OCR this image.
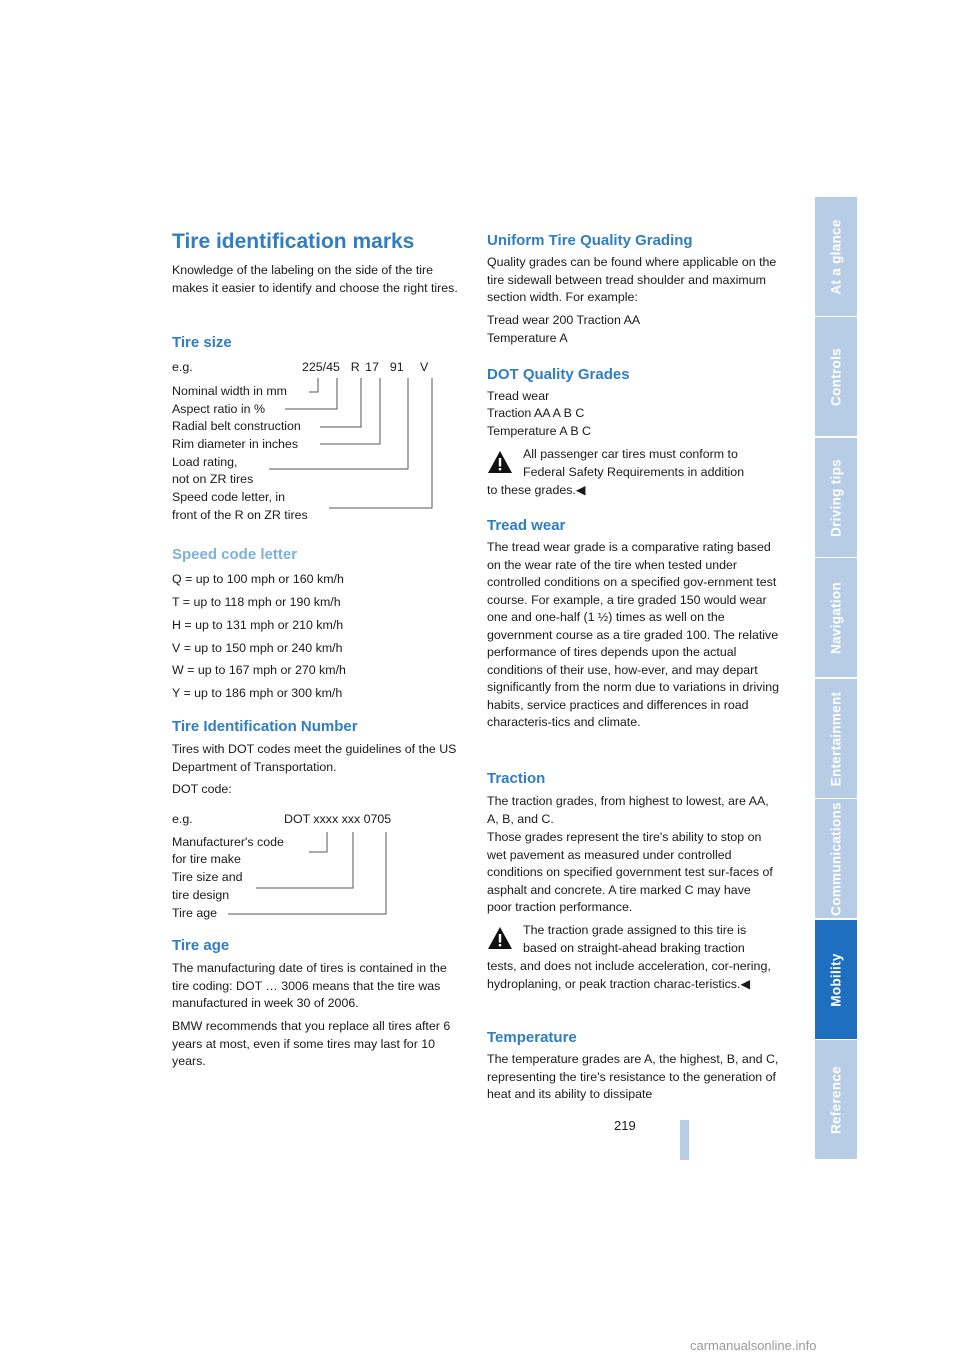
Tire identification marks

Knowledge of the labeling on the side of the tire makes it easier to identify and choose the right tires.

Tire size
e.g.	225/45  R 17  91   V
Nominal width in mm
Aspect ratio in %
Radial belt construction
Rim diameter in inches
Load rating,
not on ZR tires
Speed code letter, in
front of the R on ZR tires
Speed code letter
Q = up to 100 mph or 160 km/h
T = up to 118 mph or 190 km/h
H = up to 131 mph or 210 km/h
V = up to 150 mph or 240 km/h
W = up to 167 mph or 270 km/h
Y = up to 186 mph or 300 km/h
Tire Identification Number

Tires with DOT codes meet the guidelines of the US Department of Transportation.

DOT code:
e.g.	DOT xxxx xxx 0705
Manufacturer's code
for tire make
Tire size and
tire design
Tire age
Tire age

The manufacturing date of tires is contained in the tire coding: DOT … 3006 means that the tire was manufactured in week 30 of 2006.

BMW recommends that you replace all tires after 6 years at most, even if some tires may last for 10 years.

Uniform Tire Quality Grading

Quality grades can be found where applicable on the tire sidewall between tread shoulder and maximum section width. For example:

Tread wear 200 Traction AA
Temperature A
DOT Quality Grades
Tread wear
Traction AA A B C
Temperature A B C
All passenger car tires must conform to
Federal Safety Requirements in addition
to these grades.◀
Tread wear

The tread wear grade is a comparative rating based on the wear rate of the tire when tested under controlled conditions on a specified gov-ernment test course. For example, a tire graded 150 would wear one and one-half (1 ½) times as well on the government course as a tire graded 100. The relative performance of tires depends upon the actual conditions of their use, how-ever, and may depart significantly from the norm due to variations in driving habits, service practices and differences in road characteris-tics and climate.

Traction

The traction grades, from highest to lowest, are AA, A, B, and C.

Those grades represent the tire's ability to stop on wet pavement as measured under controlled conditions on specified government test sur-faces of asphalt and concrete. A tire marked C may have poor traction performance.

The traction grade assigned to this tire is
based on straight-ahead braking traction

tests, and does not include acceleration, cor-nering, hydroplaning, or peak traction charac-teristics.◀

Temperature

The temperature grades are A, the highest, B, and C, representing the tire's resistance to the generation of heat and its ability to dissipate

At a glance
Controls
Driving tips
Navigation
Entertainment
Communications
Mobility
Reference
219
carmanualsonline.info
